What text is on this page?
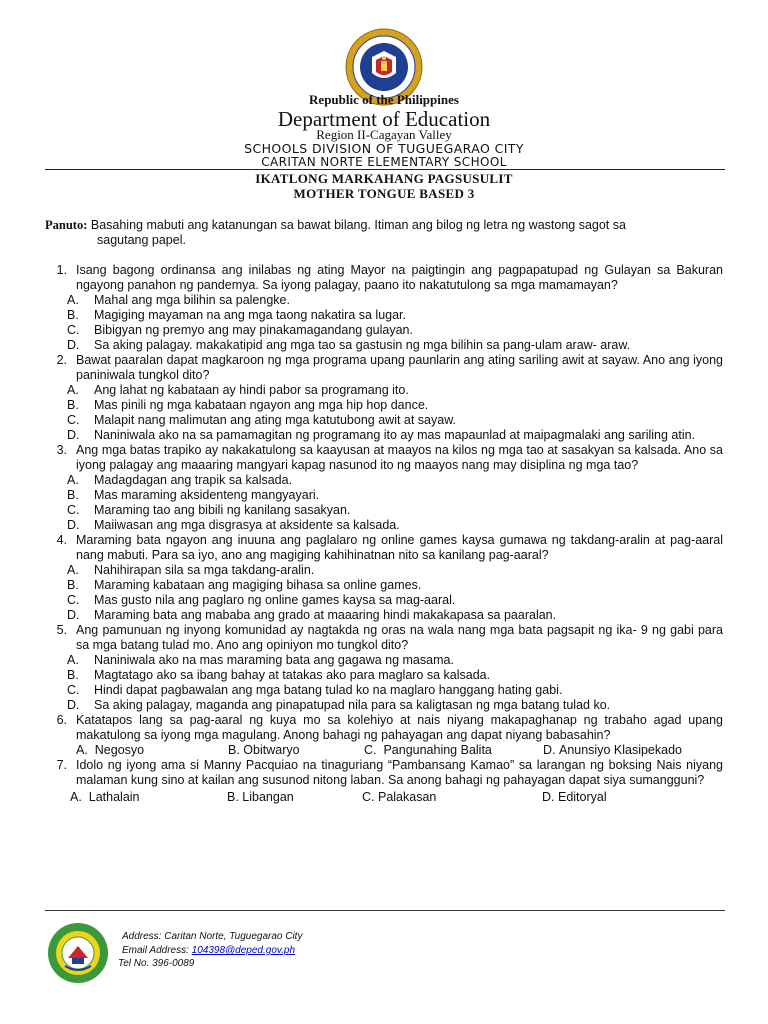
Republic of the Philippines
Department of Education
Region II-Cagayan Valley
SCHOOLS DIVISION OF TUGUEGARAO CITY
CARITAN NORTE ELEMENTARY SCHOOL
IKATLONG MARKAHANG PAGSUSULIT
MOTHER TONGUE BASED 3
Panuto: Basahing mabuti ang katanungan sa bawat bilang. Itiman ang bilog ng letra ng wastong sagot sa
sagutang papel.
1. Isang bagong ordinansa ang inilabas ng ating Mayor na paigtingin ang pagpapatupad ng Gulayan sa Bakuran ngayong panahon ng pandemya. Sa iyong palagay, paano ito nakatutulong sa mga mamamayan?
A. Mahal ang mga bilihin sa palengke.
B. Magiging mayaman na ang mga taong nakatira sa lugar.
C. Bibigyan ng premyo ang may pinakamagandang gulayan.
D. Sa aking palagay. makakatipid ang mga tao sa gastusin ng mga bilihin sa pang-ulam araw- araw.
2. Bawat paaralan dapat magkaroon ng mga programa upang paunlarin ang ating sariling awit at sayaw. Ano ang iyong paniniwala tungkol dito?
A. Ang lahat ng kabataan ay hindi pabor sa programang ito.
B. Mas pinili ng mga kabataan ngayon ang mga hip hop dance.
C. Malapit nang malimutan ang ating mga katutubong awit at sayaw.
D. Naniniwala ako na sa pamamagitan ng programang ito ay mas mapaunlad at maipagmalaki ang sariling atin.
3. Ang mga batas trapiko ay nakakatulong sa kaayusan at maayos na kilos ng mga tao at sasakyan sa kalsada. Ano sa iyong palagay ang maaaring mangyari kapag nasunod ito ng maayos nang may disiplina ng mga tao?
A. Madagdagan ang trapik sa kalsada.
B. Mas maraming aksidenteng mangyayari.
C. Maraming tao ang bibili ng kanilang sasakyan.
D. Maiiwasan ang mga disgrasya at aksidente sa kalsada.
4. Maraming bata ngayon ang inuuna ang paglalaro ng online games kaysa gumawa ng takdang-aralin at pag-aaral nang mabuti. Para sa iyo, ano ang magiging kahihinatnan nito sa kanilang pag-aaral?
A. Nahihirapan sila sa mga takdang-aralin.
B. Maraming kabataan ang magiging bihasa sa online games.
C. Mas gusto nila ang paglaro ng online games kaysa sa mag-aaral.
D. Maraming bata ang mababa ang grado at maaaring hindi makakapasa sa paaralan.
5. Ang pamunuan ng inyong komunidad ay nagtakda ng oras na wala nang mga bata pagsapit ng ika- 9 ng gabi para sa mga batang tulad mo. Ano ang opiniyon mo tungkol dito?
A. Naniniwala ako na mas maraming bata ang gagawa ng masama.
B. Magtatago ako sa ibang bahay at tatakas ako para maglaro sa kalsada.
C. Hindi dapat pagbawalan ang mga batang tulad ko na maglaro hanggang hating gabi.
D. Sa aking palagay, maganda ang pinapatupad nila para sa kaligtasan ng mga batang tulad ko.
6. Katatapos lang sa pag-aaral ng kuya mo sa kolehiyo at nais niyang makapaghanap ng trabaho agad upang makatulong sa iyong mga magulang. Anong bahagi ng pahayagan ang dapat niyang babasahin?
A. Negosyo	B. Obitwaryo	C. Pangunahing Balita	D. Anunsiyo Klasipekado
7. Idolo ng iyong ama si Manny Pacquiao na tinaguriang “Pambansang Kamao” sa larangan ng boksing Nais niyang malaman kung sino at kailan ang susunod nitong laban. Sa anong bahagi ng pahayagan dapat siya sumangguni?
A. Lathalain	B. Libangan	C. Palakasan	D. Editoryal
Address: Caritan Norte, Tuguegarao City
Email Address: 104398@deped.gov.ph
Tel No. 396-0089
